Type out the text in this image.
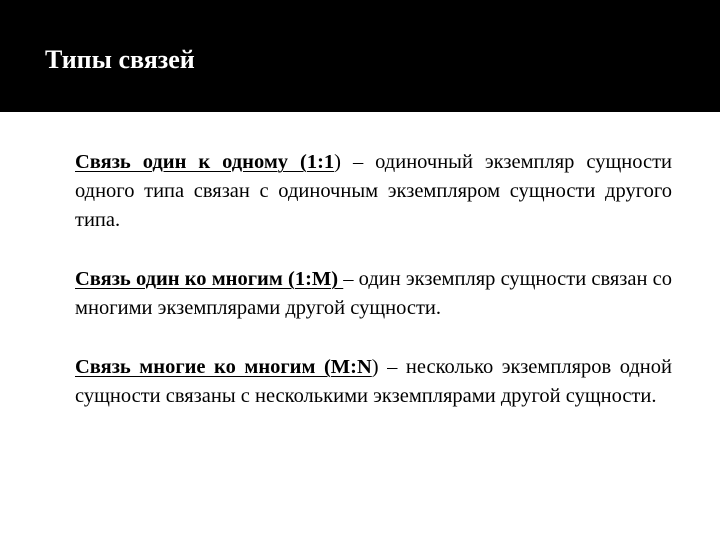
Типы связей

Связь один к одному (1:1) – одиночный экземпляр сущности одного типа связан с одиночным экземпляром сущности другого типа.

Связь один ко многим (1:M) – один экземпляр сущности связан со многими экземплярами другой сущности.

Связь многие ко многим (M:N) – несколько экземпляров одной сущности связаны с несколькими экземплярами другой сущности.
